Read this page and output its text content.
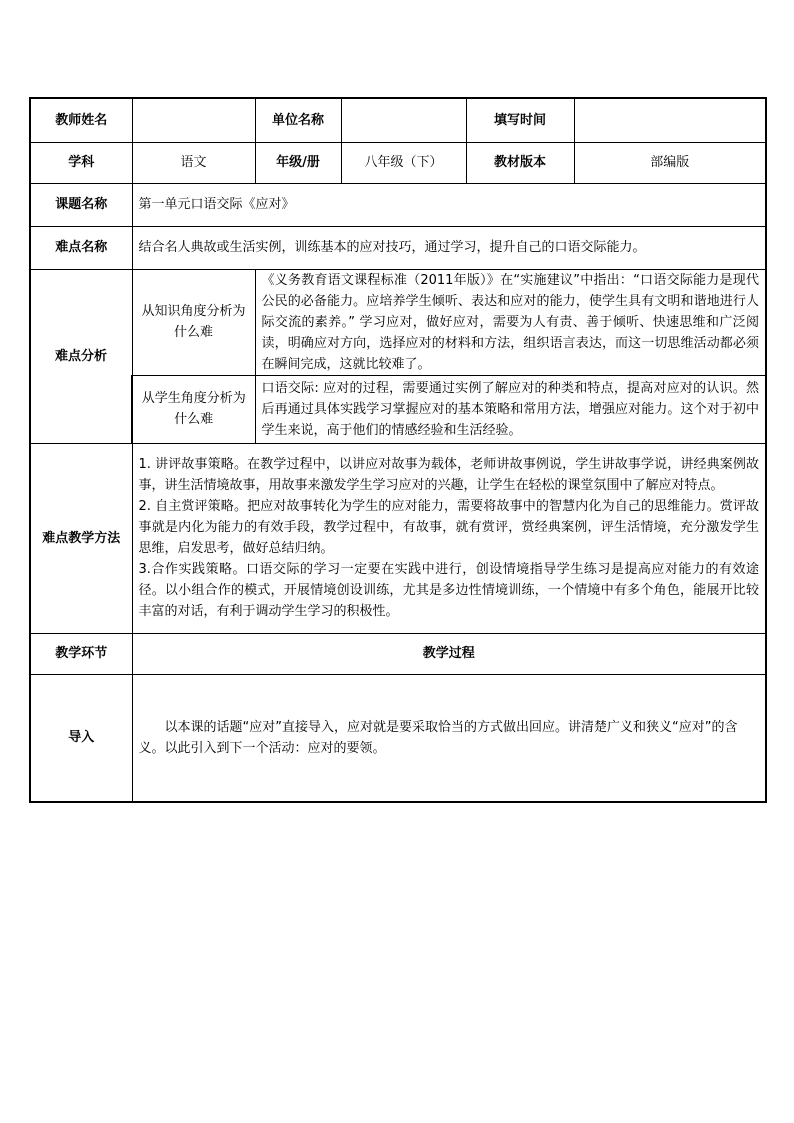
教师姓名		单位名称		填写时间	
学科	语文	年级/册	八年级（下）	教材版本	部编版
课题名称	第一单元口语交际《应对》				
难点名称	结合名人典故或生活实例，训练基本的应对技巧，通过学习，提升自己的口语交际能力。				
难点分析	从知识角度分析为什么难	《义务教育语文课程标准（2011年版）》在“实施建议”中指出：“口语交际能力是现代公民的必备能力。应培养学生倾听、表达和应对的能力，使学生具有文明和谐地进行人际交流的素养。” 学习应对，做好应对，需要为人有责、善于倾听、快速思维和广泛阅读，明确应对方向，选择应对的材料和方法，组织语言表达，而这一切思维活动都必须在瞬间完成，这就比较难了。			
	从学生角度分析为什么难	口语交际: 应对的过程，需要通过实例了解应对的种类和特点，提高对应对的认识。然后再通过具体实践学习掌握应对的基本策略和常用方法，增强应对能力。这个对于初中学生来说，高于他们的情感经验和生活经验。			
难点教学方法	1. 讲评故事策略。在教学过程中，以讲应对故事为载体，老师讲故事例说，学生讲故事学说，讲经典案例故事，讲生活情境故事，用故事来激发学生学习应对的兴趣，让学生在轻松的课堂氛围中了解应对特点。

2. 自主赏评策略。把应对故事转化为学生的应对能力，需要将故事中的智慧内化为自己的思维能力。赏评故事就是内化为能力的有效手段，教学过程中，有故事，就有赏评，赏经典案例，评生活情境，充分激发学生思维，启发思考，做好总结归纳。

3.合作实践策略。口语交际的学习一定要在实践中进行，创设情境指导学生练习是提高应对能力的有效途径。以小组合作的模式，开展情境创设训练，尤其是多边性情境训练，一个情境中有多个角色，能展开比较丰富的对话，有利于调动学生学习的积极性。				

教学环节	教学过程				
导入	以本课的话题“应对”直接导入，应对就是要采取恰当的方式做出回应。讲清楚广义和狭义“应对”的含义。以此引入到下一个活动：应对的要领。				
